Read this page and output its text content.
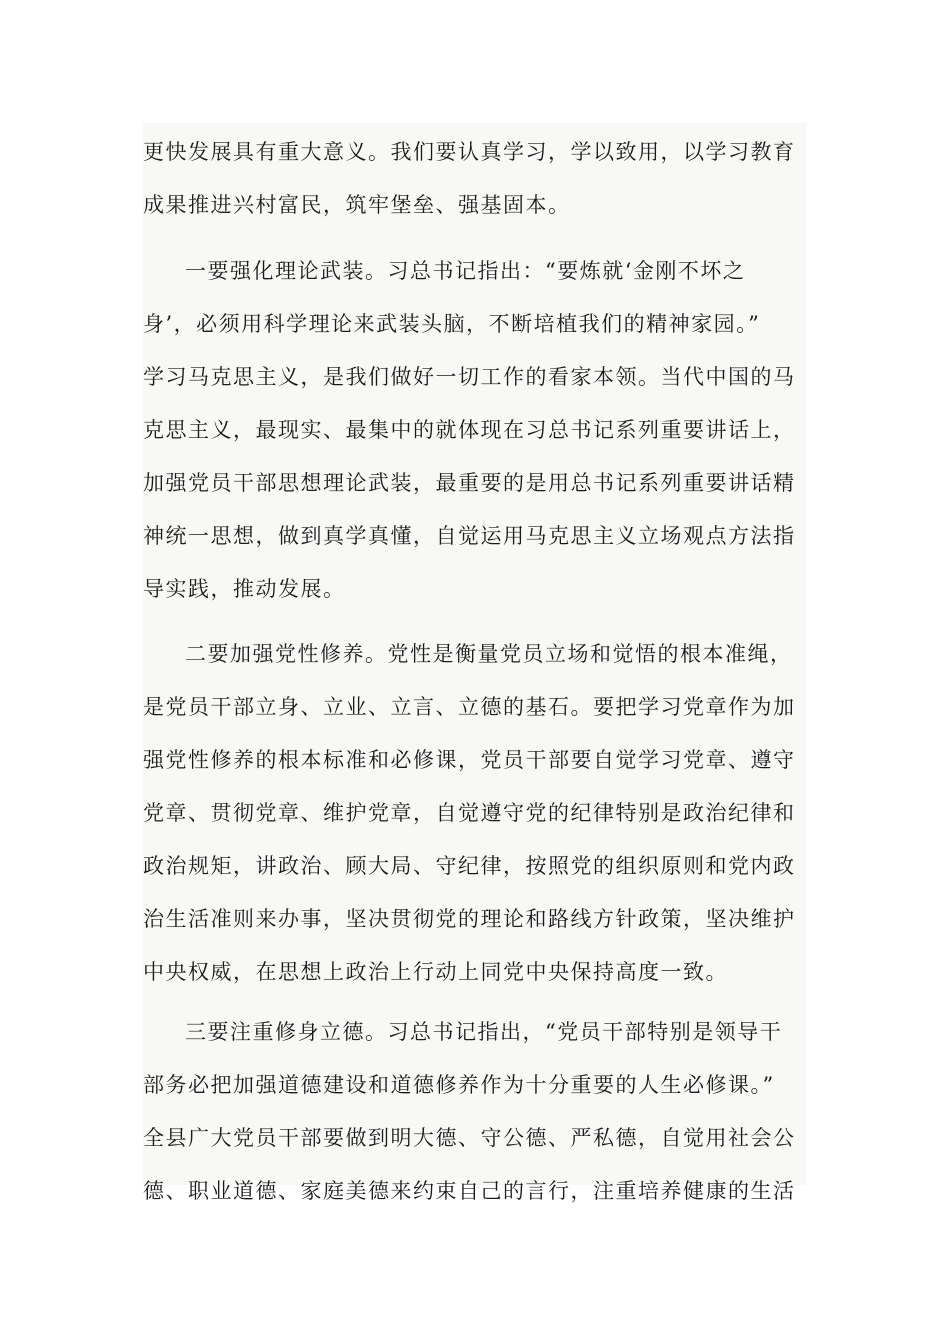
更快发展具有重大意义。我们要认真学习，学以致用，以学习教育
成果推进兴村富民，筑牢堡垒、强基固本。

一要强化理论武装。习总书记指出：“要炼就‘金刚不坏之
身’，必须用科学理论来武装头脑，不断培植我们的精神家园。”
学习马克思主义，是我们做好一切工作的看家本领。当代中国的马
克思主义，最现实、最集中的就体现在习总书记系列重要讲话上，
加强党员干部思想理论武装，最重要的是用总书记系列重要讲话精
神统一思想，做到真学真懂，自觉运用马克思主义立场观点方法指
导实践，推动发展。

二要加强党性修养。党性是衡量党员立场和觉悟的根本准绳，
是党员干部立身、立业、立言、立德的基石。要把学习党章作为加
强党性修养的根本标准和必修课，党员干部要自觉学习党章、遵守
党章、贯彻党章、维护党章，自觉遵守党的纪律特别是政治纪律和
政治规矩，讲政治、顾大局、守纪律，按照党的组织原则和党内政
治生活准则来办事，坚决贯彻党的理论和路线方针政策，坚决维护
中央权威，在思想上政治上行动上同党中央保持高度一致。

三要注重修身立德。习总书记指出，“党员干部特别是领导干
部务必把加强道德建设和道德修养作为十分重要的人生必修课。”
全县广大党员干部要做到明大德、守公德、严私德，自觉用社会公
德、职业道德、家庭美德来约束自己的言行，注重培养健康的生活
